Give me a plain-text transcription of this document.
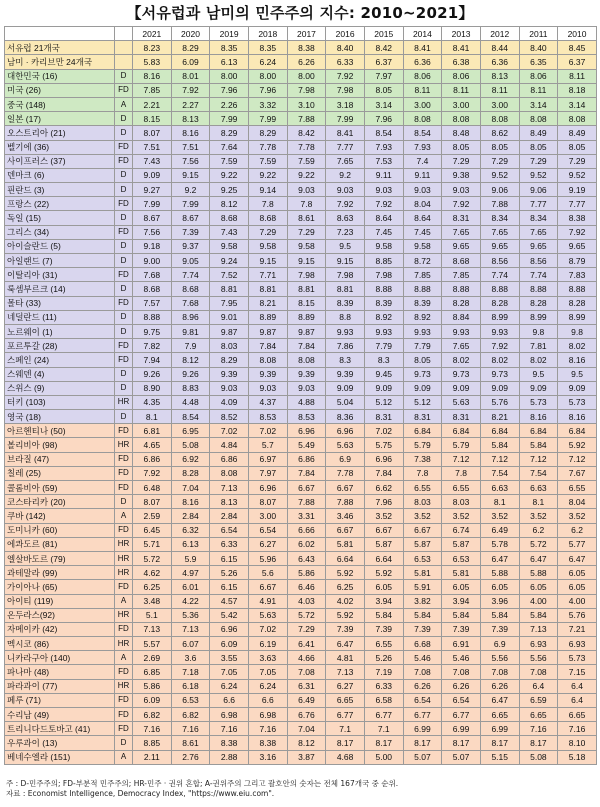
【서유럽과 남미의 민주주의 지수: 2010~2021】
		2021	2020	2019	2018	2017	2016	2015	2014	2013	2012	2011	2010
서유럽 21개국		8.23	8.29	8.35	8.35	8.38	8.40	8.42	8.41	8.41	8.44	8.40	8.45
남미 · 카리브만 24개국		5.83	6.09	6.13	6.24	6.26	6.33	6.37	6.36	6.38	6.36	6.35	6.37
대한민국 (16)	D	8.16	8.01	8.00	8.00	8.00	7.92	7.97	8.06	8.06	8.13	8.06	8.11
미국 (26)	FD	7.85	7.92	7.96	7.96	7.98	7.98	8.05	8.11	8.11	8.11	8.11	8.18
중국 (148)	A	2.21	2.27	2.26	3.32	3.10	3.18	3.14	3.00	3.00	3.00	3.14	3.14
일본 (17)	D	8.15	8.13	7.99	7.99	7.88	7.99	7.96	8.08	8.08	8.08	8.08	8.08
오스트리아 (21)	D	8.07	8.16	8.29	8.29	8.42	8.41	8.54	8.54	8.48	8.62	8.49	8.49
벨기에 (36)	FD	7.51	7.51	7.64	7.78	7.78	7.77	7.93	7.93	8.05	8.05	8.05	8.05
사이프러스 (37)	FD	7.43	7.56	7.59	7.59	7.59	7.65	7.53	7.4	7.29	7.29	7.29	7.29
덴마크 (6)	D	9.09	9.15	9.22	9.22	9.22	9.2	9.11	9.11	9.38	9.52	9.52	9.52
핀란드 (3)	D	9.27	9.2	9.25	9.14	9.03	9.03	9.03	9.03	9.03	9.06	9.06	9.19
프랑스 (22)	FD	7.99	7.99	8.12	7.8	7.8	7.92	7.92	8.04	7.92	7.88	7.77	7.77
독일 (15)	D	8.67	8.67	8.68	8.68	8.61	8.63	8.64	8.64	8.31	8.34	8.34	8.38
그리스 (34)	FD	7.56	7.39	7.43	7.29	7.29	7.23	7.45	7.45	7.65	7.65	7.65	7.92
아이슬란드 (5)	D	9.18	9.37	9.58	9.58	9.58	9.5	9.58	9.58	9.65	9.65	9.65	9.65
아일랜드 (7)	D	9.00	9.05	9.24	9.15	9.15	9.15	8.85	8.72	8.68	8.56	8.56	8.79
이탈리아 (31)	FD	7.68	7.74	7.52	7.71	7.98	7.98	7.98	7.85	7.85	7.74	7.74	7.83
룩셈부르크 (14)	D	8.68	8.68	8.81	8.81	8.81	8.81	8.88	8.88	8.88	8.88	8.88	8.88
몰타 (33)	FD	7.57	7.68	7.95	8.21	8.15	8.39	8.39	8.39	8.28	8.28	8.28	8.28
네덜란드 (11)	D	8.88	8.96	9.01	8.89	8.89	8.8	8.92	8.92	8.84	8.99	8.99	8.99
노르웨이 (1)	D	9.75	9.81	9.87	9.87	9.87	9.93	9.93	9.93	9.93	9.93	9.8	9.8
포르투갈 (28)	FD	7.82	7.9	8.03	7.84	7.84	7.86	7.79	7.79	7.65	7.92	7.81	8.02
스페인 (24)	FD	7.94	8.12	8.29	8.08	8.08	8.3	8.3	8.05	8.02	8.02	8.02	8.16
스웨덴 (4)	D	9.26	9.26	9.39	9.39	9.39	9.39	9.45	9.73	9.73	9.73	9.5	9.5
스위스 (9)	D	8.90	8.83	9.03	9.03	9.03	9.09	9.09	9.09	9.09	9.09	9.09	9.09
터키 (103)	HR	4.35	4.48	4.09	4.37	4.88	5.04	5.12	5.12	5.63	5.76	5.73	5.73
영국 (18)	D	8.1	8.54	8.52	8.53	8.53	8.36	8.31	8.31	8.31	8.21	8.16	8.16
아르헨티나 (50)	FD	6.81	6.95	7.02	7.02	6.96	6.96	7.02	6.84	6.84	6.84	6.84	6.84
볼리비아 (98)	HR	4.65	5.08	4.84	5.7	5.49	5.63	5.75	5.79	5.79	5.84	5.84	5.92
브라질 (47)	FD	6.86	6.92	6.86	6.97	6.86	6.9	6.96	7.38	7.12	7.12	7.12	7.12
칠레 (25)	FD	7.92	8.28	8.08	7.97	7.84	7.78	7.84	7.8	7.8	7.54	7.54	7.67
콜롬비아 (59)	FD	6.48	7.04	7.13	6.96	6.67	6.67	6.62	6.55	6.55	6.63	6.63	6.55
코스타리카 (20)	D	8.07	8.16	8.13	8.07	7.88	7.88	7.96	8.03	8.03	8.1	8.1	8.04
쿠바 (142)	A	2.59	2.84	2.84	3.00	3.31	3.46	3.52	3.52	3.52	3.52	3.52	3.52
도미니카 (60)	FD	6.45	6.32	6.54	6.54	6.66	6.67	6.67	6.67	6.74	6.49	6.2	6.2
에콰도르 (81)	HR	5.71	6.13	6.33	6.27	6.02	5.81	5.87	5.87	5.87	5.78	5.72	5.77
엘살바도르 (79)	HR	5.72	5.9	6.15	5.96	6.43	6.64	6.64	6.53	6.53	6.47	6.47	6.47
과테말라 (99)	HR	4.62	4.97	5.26	5.6	5.86	5.92	5.92	5.81	5.81	5.88	5.88	6.05
가이아나 (65)	FD	6.25	6.01	6.15	6.67	6.46	6.25	6.05	5.91	6.05	6.05	6.05	6.05
아이티 (119)	A	3.48	4.22	4.57	4.91	4.03	4.02	3.94	3.82	3.94	3.96	4.00	4.00
온두라스(92)	HR	5.1	5.36	5.42	5.63	5.72	5.92	5.84	5.84	5.84	5.84	5.84	5.76
자메이카 (42)	FD	7.13	7.13	6.96	7.02	7.29	7.39	7.39	7.39	7.39	7.39	7.13	7.21
멕시코 (86)	HR	5.57	6.07	6.09	6.19	6.41	6.47	6.55	6.68	6.91	6.9	6.93	6.93
니카라구아 (140)	A	2.69	3.6	3.55	3.63	4.66	4.81	5.26	5.46	5.46	5.56	5.56	5.73
파나마 (48)	FD	6.85	7.18	7.05	7.05	7.08	7.13	7.19	7.08	7.08	7.08	7.08	7.15
파라과이 (77)	HR	5.86	6.18	6.24	6.24	6.31	6.27	6.33	6.26	6.26	6.26	6.4	6.4
페루 (71)	FD	6.09	6.53	6.6	6.6	6.49	6.65	6.58	6.54	6.54	6.47	6.59	6.4
수리남 (49)	FD	6.82	6.82	6.98	6.98	6.76	6.77	6.77	6.77	6.77	6.65	6.65	6.65
트리니다드토바고 (41)	FD	7.16	7.16	7.16	7.16	7.04	7.1	7.1	6.99	6.99	6.99	7.16	7.16
우루과이 (13)	D	8.85	8.61	8.38	8.38	8.12	8.17	8.17	8.17	8.17	8.17	8.17	8.10
베네수엘라 (151)	A	2.11	2.76	2.88	3.16	3.87	4.68	5.00	5.07	5.07	5.15	5.08	5.18
주 : D-민주주의; FD-부분적 민주주의; HR-민주 · 권위 혼합; A-권위주의 그리고 괄호안의 숫자는 전체 167개국 중 순위.
자료 : Economist Intelligence, Democracy Index, "https://www.eiu.com".
